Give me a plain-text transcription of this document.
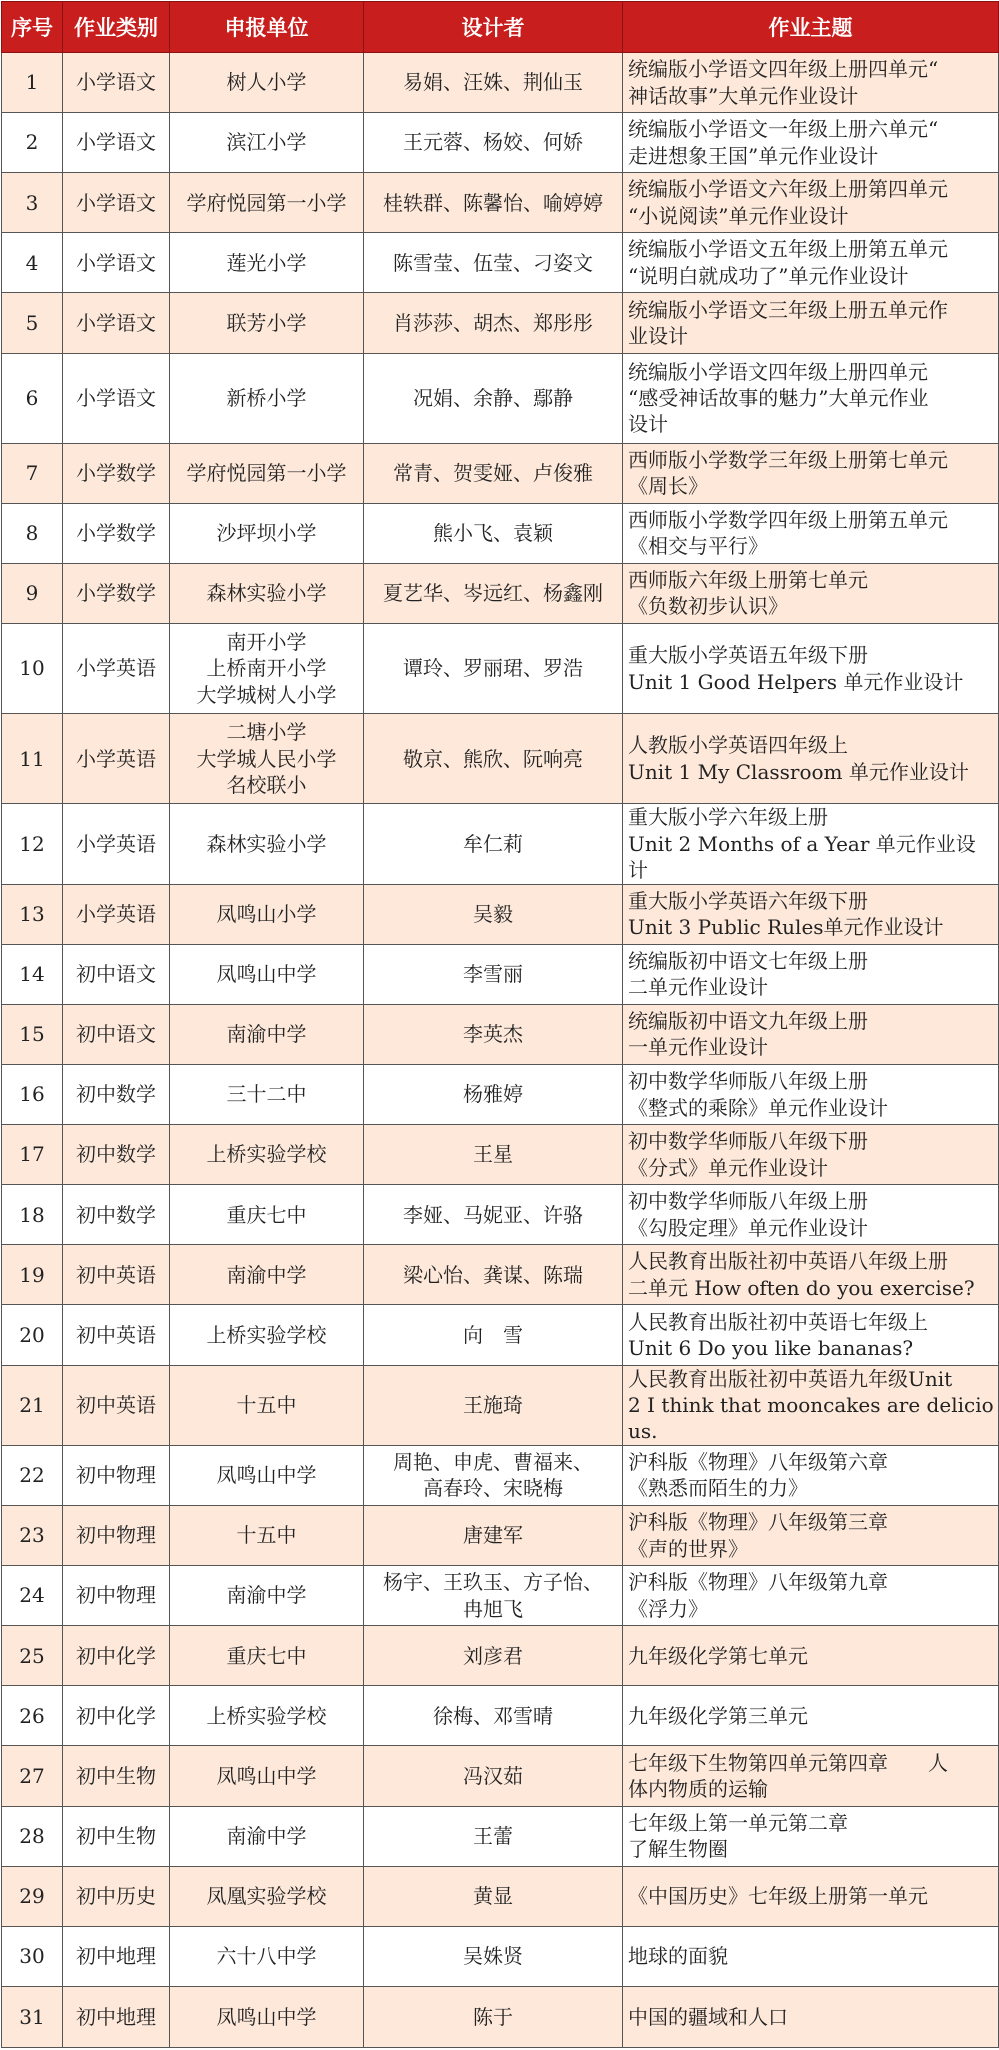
序号	作业类别	申报单位	设计者	作业主题
1	小学语文	树人小学	易娟、汪姝、荆仙玉	统编版小学语文四年级上册四单元“
神话故事”大单元作业设计
2	小学语文	滨江小学	王元蓉、杨姣、何娇	统编版小学语文一年级上册六单元“
走进想象王国”单元作业设计
3	小学语文	学府悦园第一小学	桂轶群、陈馨怡、喻婷婷	统编版小学语文六年级上册第四单元
“小说阅读”单元作业设计
4	小学语文	莲光小学	陈雪莹、伍莹、刁姿文	统编版小学语文五年级上册第五单元
“说明白就成功了”单元作业设计
5	小学语文	联芳小学	肖莎莎、胡杰、郑彤彤	统编版小学语文三年级上册五单元作
业设计
6	小学语文	新桥小学	况娟、余静、鄢静	统编版小学语文四年级上册四单元
“感受神话故事的魅力”大单元作业
设计
7	小学数学	学府悦园第一小学	常青、贺雯娅、卢俊雅	西师版小学数学三年级上册第七单元
《周长》
8	小学数学	沙坪坝小学	熊小飞、袁颖	西师版小学数学四年级上册第五单元
《相交与平行》
9	小学数学	森林实验小学	夏艺华、岑远红、杨鑫刚	西师版六年级上册第七单元
《负数初步认识》
10	小学英语	南开小学
上桥南开小学
大学城树人小学	谭玲、罗丽珺、罗浩	重大版小学英语五年级下册
Unit 1 Good Helpers 单元作业设计
11	小学英语	二塘小学
大学城人民小学
名校联小	敬京、熊欣、阮响亮	人教版小学英语四年级上
Unit 1 My Classroom 单元作业设计
12	小学英语	森林实验小学	牟仁莉	重大版小学六年级上册
Unit 2 Months of a Year 单元作业设计
13	小学英语	凤鸣山小学	吴毅	重大版小学英语六年级下册
Unit 3 Public Rules单元作业设计
14	初中语文	凤鸣山中学	李雪丽	统编版初中语文七年级上册
二单元作业设计
15	初中语文	南渝中学	李英杰	统编版初中语文九年级上册
一单元作业设计
16	初中数学	三十二中	杨雅婷	初中数学华师版八年级上册
《整式的乘除》单元作业设计
17	初中数学	上桥实验学校	王星	初中数学华师版八年级下册
《分式》单元作业设计
18	初中数学	重庆七中	李娅、马妮亚、许骆	初中数学华师版八年级上册
《勾股定理》单元作业设计
19	初中英语	南渝中学	梁心怡、龚谋、陈瑞	人民教育出版社初中英语八年级上册
二单元 How often do you exercise?
20	初中英语	上桥实验学校	向　雪	人民教育出版社初中英语七年级上
Unit 6 Do you like bananas?
21	初中英语	十五中	王施琦	人民教育出版社初中英语九年级Unit
2 I think that mooncakes are delicious.
22	初中物理	凤鸣山中学	周艳、申虎、曹福来、
高春玲、宋晓梅	沪科版《物理》八年级第六章
《熟悉而陌生的力》
23	初中物理	十五中	唐建军	沪科版《物理》八年级第三章
《声的世界》
24	初中物理	南渝中学	杨宇、王玖玉、方子怡、
冉旭飞	沪科版《物理》八年级第九章
《浮力》
25	初中化学	重庆七中	刘彦君	九年级化学第七单元
26	初中化学	上桥实验学校	徐梅、邓雪晴	九年级化学第三单元
27	初中生物	凤鸣山中学	冯汉茹	七年级下生物第四单元第四章　　人
体内物质的运输
28	初中生物	南渝中学	王蕾	七年级上第一单元第二章
了解生物圈
29	初中历史	凤凰实验学校	黄显	《中国历史》七年级上册第一单元
30	初中地理	六十八中学	吴姝贤	地球的面貌
31	初中地理	凤鸣山中学	陈于	中国的疆域和人口
